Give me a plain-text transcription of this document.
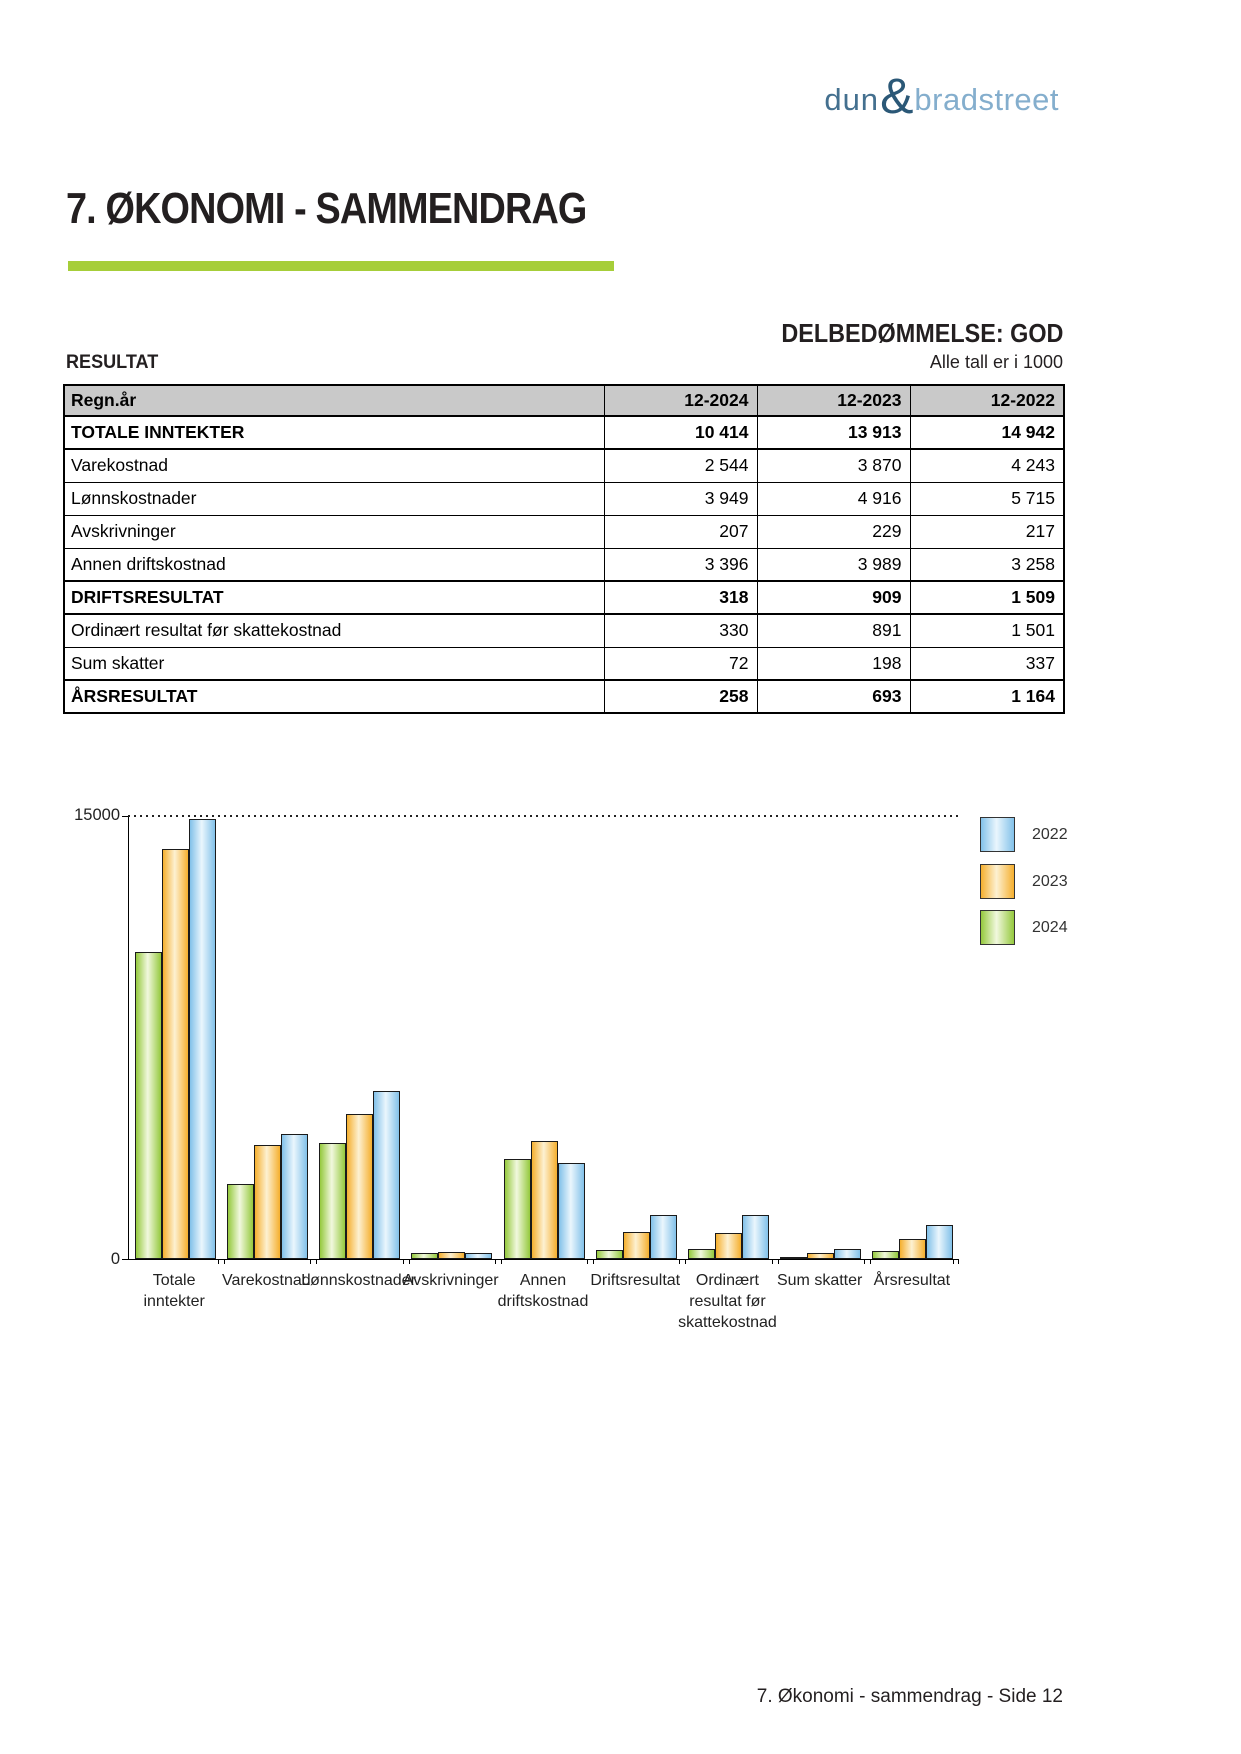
dun & bradstreet
7. ØKONOMI - SAMMENDRAG
DELBEDØMMELSE: GOD
RESULTAT	Alle tall er i 1000
Regn.år	12-2024	12-2023	12-2022
TOTALE INNTEKTER	10 414	13 913	14 942
Varekostnad	2 544	3 870	4 243
Lønnskostnader	3 949	4 916	5 715
Avskrivninger	207	229	217
Annen driftskostnad	3 396	3 989	3 258
DRIFTSRESULTAT	318	909	1 509
Ordinært resultat før skattekostnad	330	891	1 501
Sum skatter	72	198	337
ÅRSRESULTAT	258	693	1 164
15000
0
Totale
inntekter
Varekostnad
Lønnskostnader
Avskrivninger	Annen
driftskostnad
Driftsresultat Ordinært
resultat før
skattekostnad
Sum skatter Årsresultat
2022
2023
2024
7. Økonomi - sammendrag - Side 12
